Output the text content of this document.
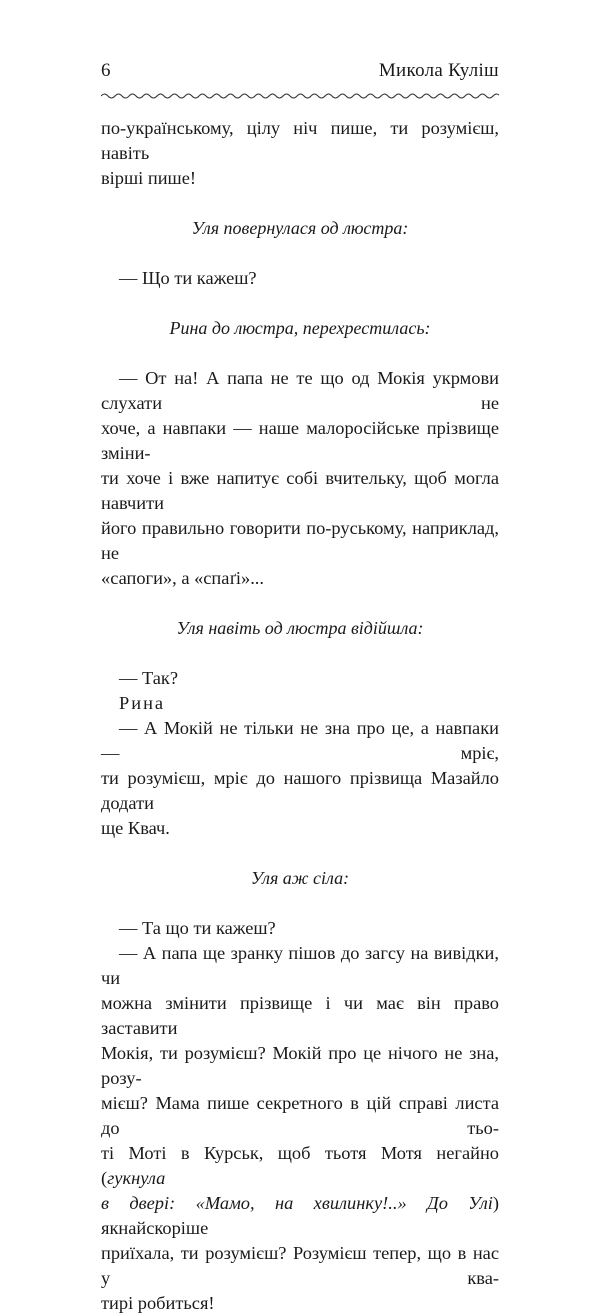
6	Микола Куліш

по-українському, цілу ніч пише, ти розумієш, навіть

вірші пише!

Уля повернулася од люстра:

— Що ти кажеш?

Рина до люстра, перехрестилась:

— От на! А папа не те що од Мокія укрмови слухати не

хоче, а навпаки — наше малоросійське прізвище зміни-

ти хоче і вже напитує собі вчительку, щоб могла навчити

його правильно говорити по-руському, наприклад, не

«сапоги», а «спаґі»...

Уля навіть од люстра відійшла:

— Так?

Рина

— А Мокій не тільки не зна про це, а навпаки — мріє,

ти розумієш, мріє до нашого прізвища Мазайло додати

ще Квач.

Уля аж сіла:

— Та що ти кажеш?

— А папа ще зранку пішов до загсу на вивідки, чи

можна змінити прізвище і чи має він право заставити

Мокія, ти розумієш? Мокій про це нічого не зна, розу-

мієш? Мама пише секретного в цій справі листа до тьо-

ті Моті в Курськ, щоб тьотя Мотя негайно (гукнула

в двері: «Мамо, на хвилинку!..» До Улі) якнайскоріше

приїхала, ти розумієш? Розумієш тепер, що в нас у ква-

тирі робиться!
